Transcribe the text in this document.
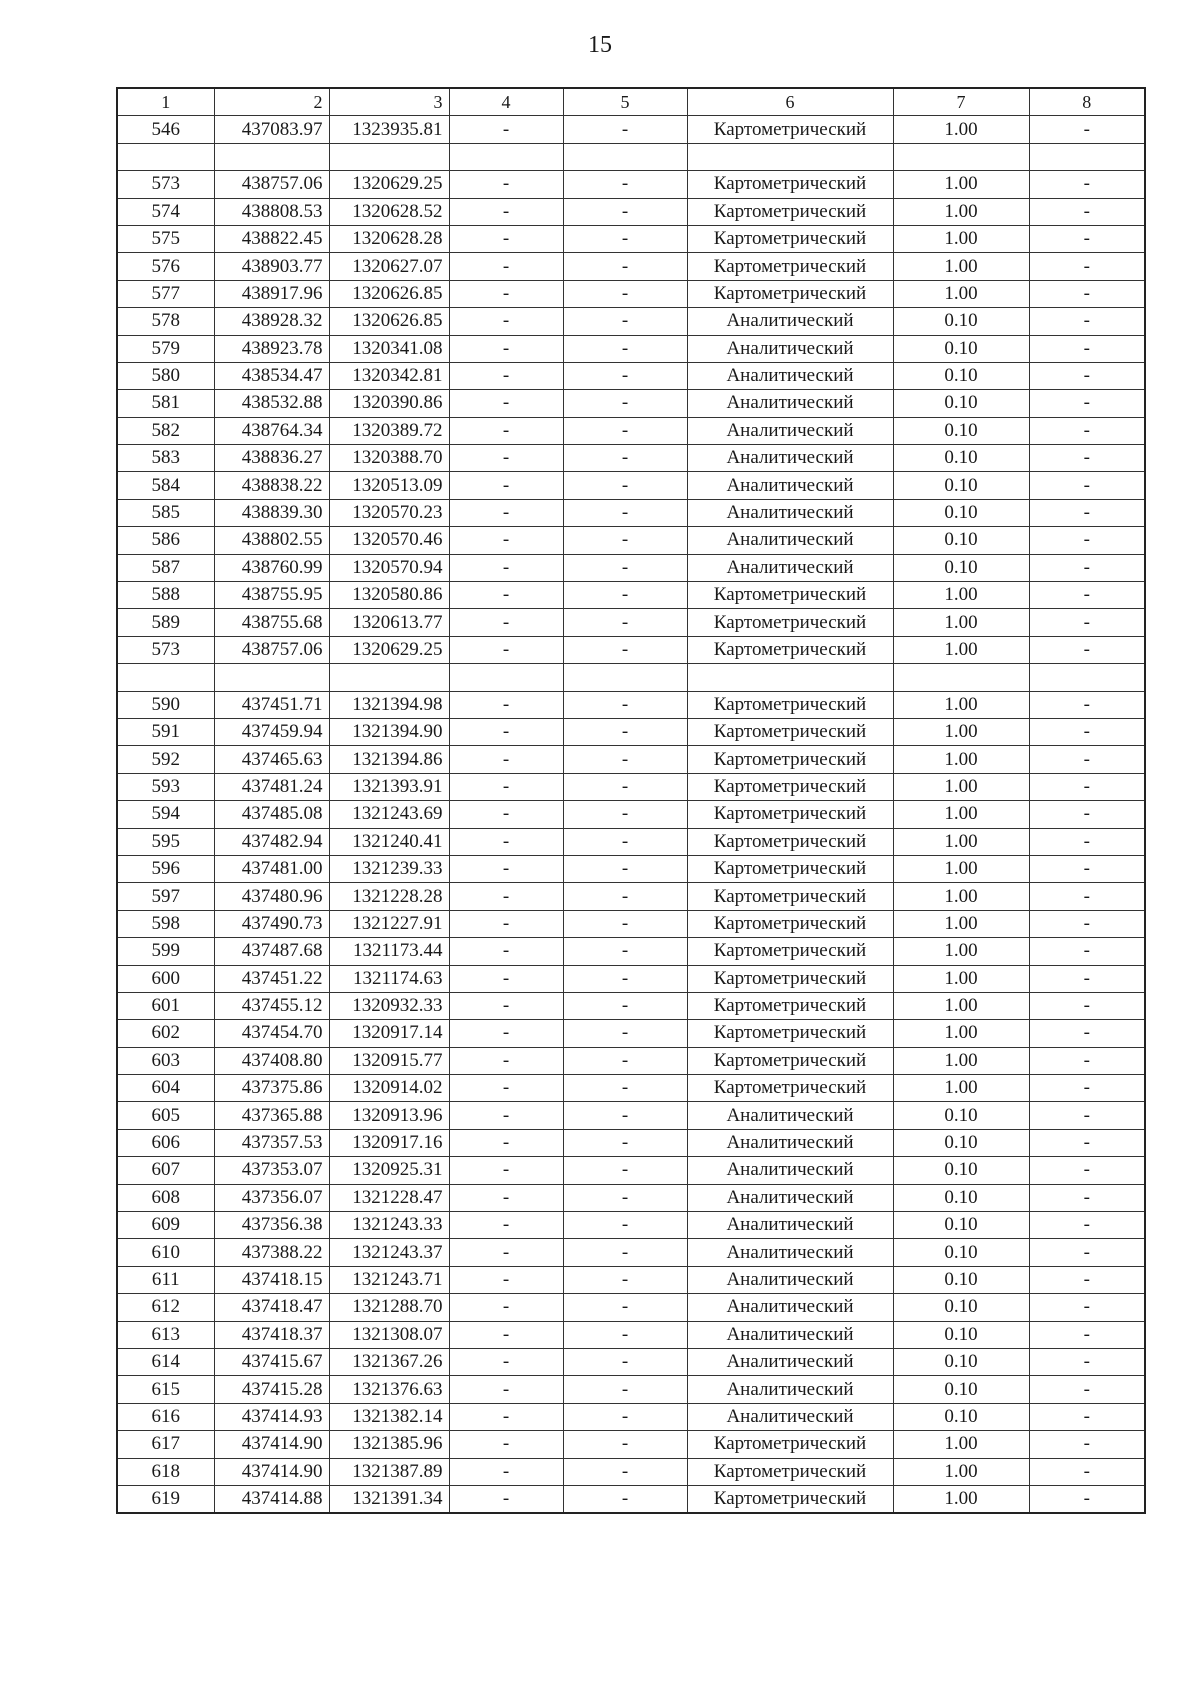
15
1	2	3	4	5	6	7	8
546	437083.97	1323935.81	-	-	Картометрический	1.00	-

573	438757.06	1320629.25	-	-	Картометрический	1.00	-
574	438808.53	1320628.52	-	-	Картометрический	1.00	-
575	438822.45	1320628.28	-	-	Картометрический	1.00	-
576	438903.77	1320627.07	-	-	Картометрический	1.00	-
577	438917.96	1320626.85	-	-	Картометрический	1.00	-
578	438928.32	1320626.85	-	-	Аналитический	0.10	-
579	438923.78	1320341.08	-	-	Аналитический	0.10	-
580	438534.47	1320342.81	-	-	Аналитический	0.10	-
581	438532.88	1320390.86	-	-	Аналитический	0.10	-
582	438764.34	1320389.72	-	-	Аналитический	0.10	-
583	438836.27	1320388.70	-	-	Аналитический	0.10	-
584	438838.22	1320513.09	-	-	Аналитический	0.10	-
585	438839.30	1320570.23	-	-	Аналитический	0.10	-
586	438802.55	1320570.46	-	-	Аналитический	0.10	-
587	438760.99	1320570.94	-	-	Аналитический	0.10	-
588	438755.95	1320580.86	-	-	Картометрический	1.00	-
589	438755.68	1320613.77	-	-	Картометрический	1.00	-
573	438757.06	1320629.25	-	-	Картометрический	1.00	-

590	437451.71	1321394.98	-	-	Картометрический	1.00	-
591	437459.94	1321394.90	-	-	Картометрический	1.00	-
592	437465.63	1321394.86	-	-	Картометрический	1.00	-
593	437481.24	1321393.91	-	-	Картометрический	1.00	-
594	437485.08	1321243.69	-	-	Картометрический	1.00	-
595	437482.94	1321240.41	-	-	Картометрический	1.00	-
596	437481.00	1321239.33	-	-	Картометрический	1.00	-
597	437480.96	1321228.28	-	-	Картометрический	1.00	-
598	437490.73	1321227.91	-	-	Картометрический	1.00	-
599	437487.68	1321173.44	-	-	Картометрический	1.00	-
600	437451.22	1321174.63	-	-	Картометрический	1.00	-
601	437455.12	1320932.33	-	-	Картометрический	1.00	-
602	437454.70	1320917.14	-	-	Картометрический	1.00	-
603	437408.80	1320915.77	-	-	Картометрический	1.00	-
604	437375.86	1320914.02	-	-	Картометрический	1.00	-
605	437365.88	1320913.96	-	-	Аналитический	0.10	-
606	437357.53	1320917.16	-	-	Аналитический	0.10	-
607	437353.07	1320925.31	-	-	Аналитический	0.10	-
608	437356.07	1321228.47	-	-	Аналитический	0.10	-
609	437356.38	1321243.33	-	-	Аналитический	0.10	-
610	437388.22	1321243.37	-	-	Аналитический	0.10	-
611	437418.15	1321243.71	-	-	Аналитический	0.10	-
612	437418.47	1321288.70	-	-	Аналитический	0.10	-
613	437418.37	1321308.07	-	-	Аналитический	0.10	-
614	437415.67	1321367.26	-	-	Аналитический	0.10	-
615	437415.28	1321376.63	-	-	Аналитический	0.10	-
616	437414.93	1321382.14	-	-	Аналитический	0.10	-
617	437414.90	1321385.96	-	-	Картометрический	1.00	-
618	437414.90	1321387.89	-	-	Картометрический	1.00	-
619	437414.88	1321391.34	-	-	Картометрический	1.00	-
